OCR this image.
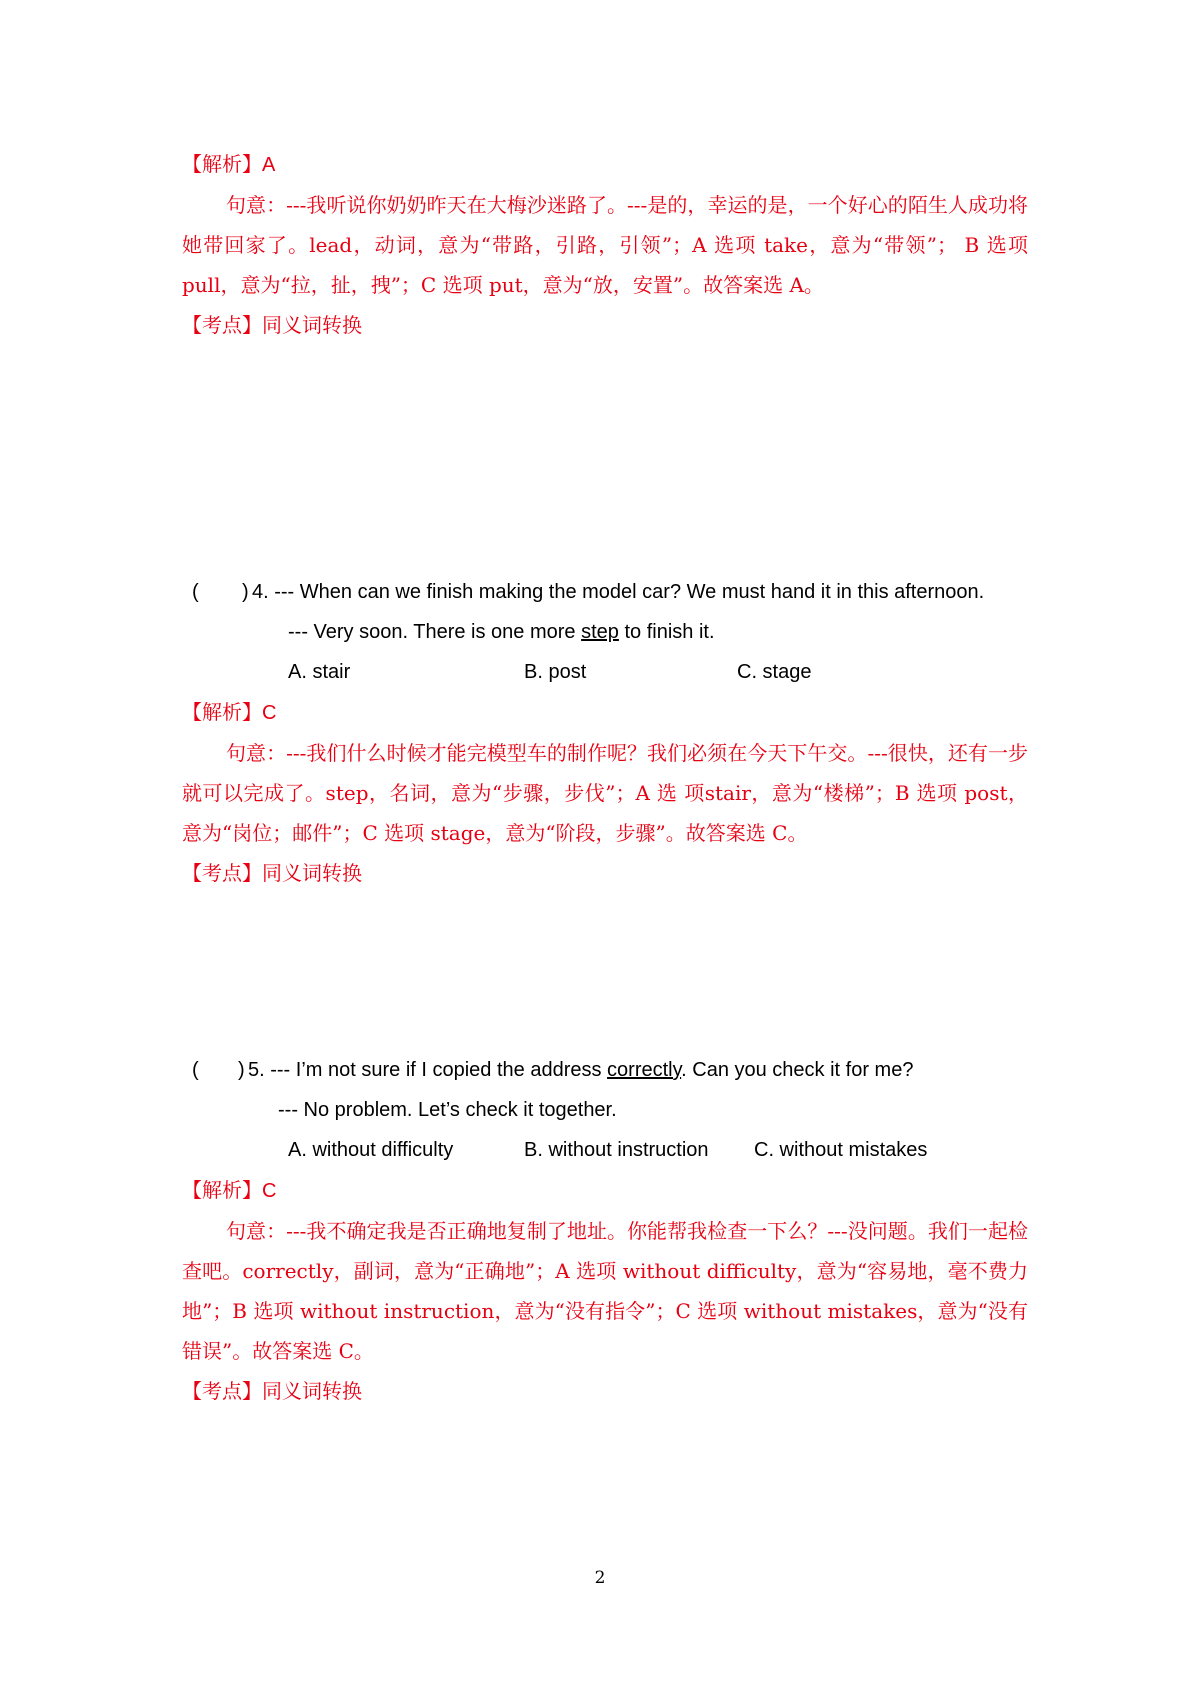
【解析】A

句意：---我听说你奶奶昨天在大梅沙迷路了。---是的，幸运的是，一个好心的陌生人成功将她带回家了。lead，动词，意为“带路，引路，引领”；A 选项 take，意为“带领”； B 选项 pull，意为“拉，扯，拽”；C 选项 put，意为“放，安置”。故答案选 A。

【考点】同义词转换

( ) 4. --- When can we finish making the model car? We must hand it in this afternoon.
--- Very soon. There is one more step to finish it.
A. stair	B. post	C. stage

【解析】C

句意：---我们什么时候才能完模型车的制作呢？我们必须在今天下午交。---很快，还有一步就可以完成了。step，名词，意为“步骤，步伐”；A 选 项stair，意为“楼梯”；B 选项 post，意为“岗位；邮件”；C 选项 stage，意为“阶段，步骤”。故答案选 C。

【考点】同义词转换

( ) 5. --- I’m not sure if I copied the address correctly. Can you check it for me?
--- No problem. Let’s check it together.
A. without difficulty	B. without instruction C. without mistakes

【解析】C

句意：---我不确定我是否正确地复制了地址。你能帮我检查一下么？---没问题。我们一起检查吧。correctly，副词，意为“正确地”；A 选项 without difficulty，意为“容易地，毫不费力地”；B 选项 without instruction，意为“没有指令”；C 选项 without mistakes，意为“没有错误”。故答案选 C。

【考点】同义词转换

2
